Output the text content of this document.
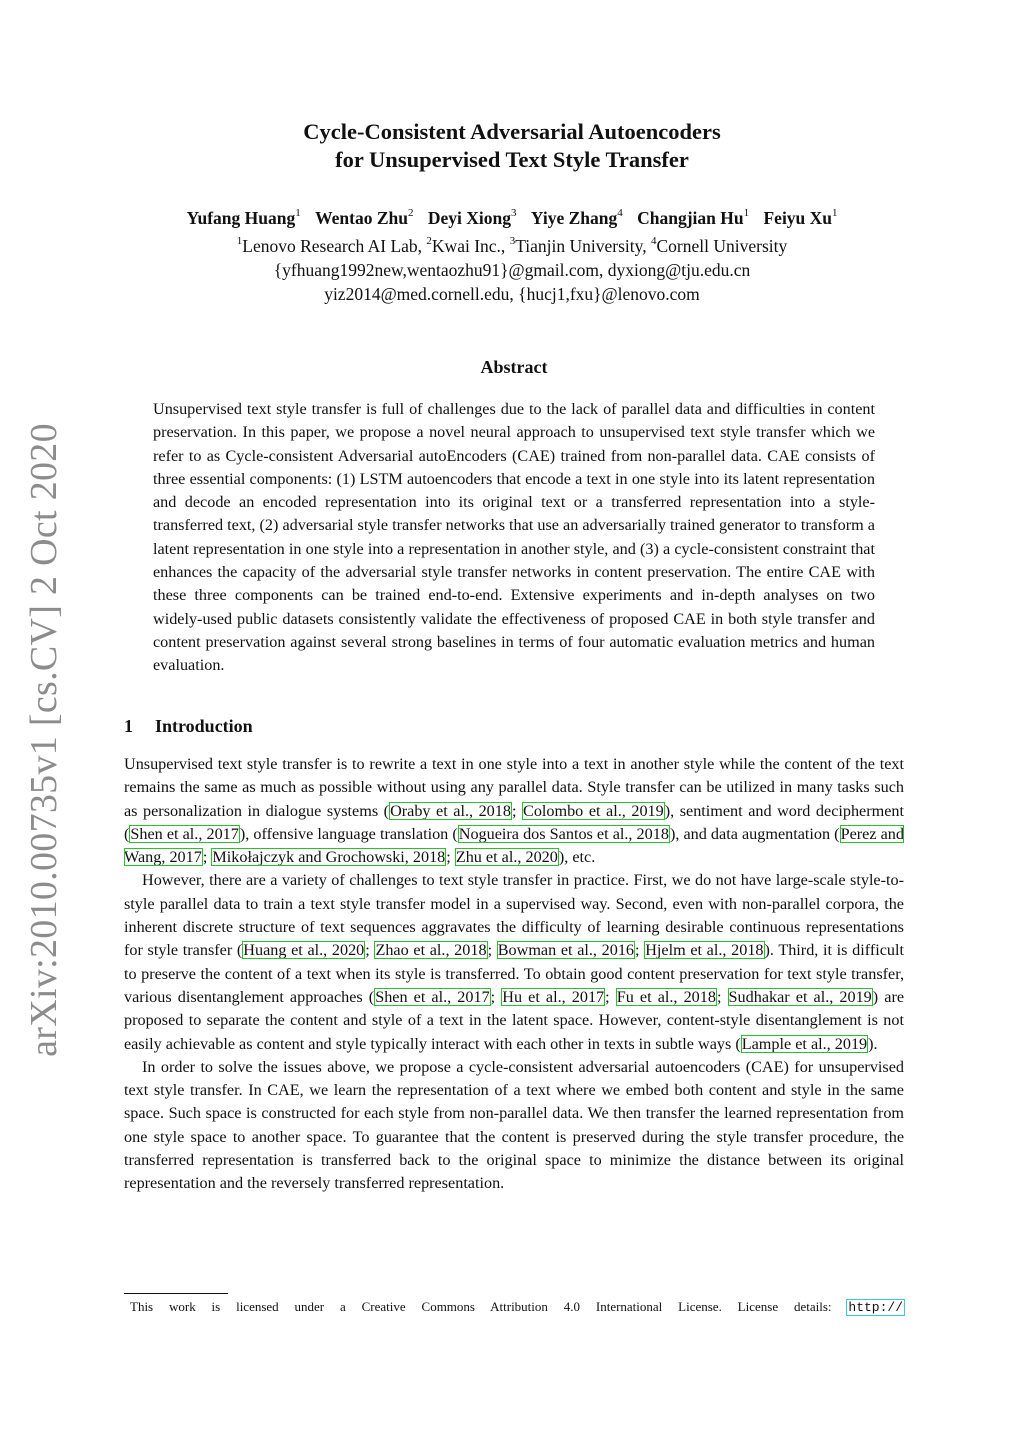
arXiv:2010.00735v1 [cs.CV] 2 Oct 2020
Cycle-Consistent Adversarial Autoencoders
for Unsupervised Text Style Transfer
Yufang Huang$^1$ Wentao Zhu$^2$ Deyi Xiong$^3$ Yiye Zhang$^4$ Changjian Hu$^1$ Feiyu Xu$^1$
$^1$Lenovo Research AI Lab, $^2$Kwai Inc., $^3$Tianjin University, $^4$Cornell University
{yfhuang1992new,wentaozhu91}@gmail.com, dyxiong@tju.edu.cn
yiz2014@med.cornell.edu, {hucj1,fxu}@lenovo.com
Abstract
Unsupervised text style transfer is full of challenges due to the lack of parallel data and difficulties in content preservation. In this paper, we propose a novel neural approach to unsupervised text style transfer which we refer to as Cycle-consistent Adversarial autoEncoders (CAE) trained from non-parallel data. CAE consists of three essential components: (1) LSTM autoencoders that encode a text in one style into its latent representation and decode an encoded representation into its original text or a transferred representation into a style-transferred text, (2) adversarial style transfer networks that use an adversarially trained generator to transform a latent representation in one style into a representation in another style, and (3) a cycle-consistent constraint that enhances the capacity of the adversarial style transfer networks in content preservation. The entire CAE with these three components can be trained end-to-end. Extensive experiments and in-depth analyses on two widely-used public datasets consistently validate the effectiveness of proposed CAE in both style transfer and content preservation against several strong baselines in terms of four automatic evaluation metrics and human evaluation.
1 Introduction

Unsupervised text style transfer is to rewrite a text in one style into a text in another style while the content of the text remains the same as much as possible without using any parallel data. Style transfer can be utilized in many tasks such as personalization in dialogue systems (Oraby et al., 2018; Colombo et al., 2019), sentiment and word decipherment (Shen et al., 2017), offensive language translation (Nogueira dos Santos et al., 2018), and data augmentation (Perez and Wang, 2017; Mikołajczyk and Grochowski, 2018; Zhu et al., 2020), etc.

However, there are a variety of challenges to text style transfer in practice. First, we do not have large-scale style-to-style parallel data to train a text style transfer model in a supervised way. Second, even with non-parallel corpora, the inherent discrete structure of text sequences aggravates the difficulty of learning desirable continuous representations for style transfer (Huang et al., 2020; Zhao et al., 2018; Bowman et al., 2016; Hjelm et al., 2018). Third, it is difficult to preserve the content of a text when its style is transferred. To obtain good content preservation for text style transfer, various disentanglement approaches (Shen et al., 2017; Hu et al., 2017; Fu et al., 2018; Sudhakar et al., 2019) are proposed to separate the content and style of a text in the latent space. However, content-style disentanglement is not easily achievable as content and style typically interact with each other in texts in subtle ways (Lample et al., 2019).

In order to solve the issues above, we propose a cycle-consistent adversarial autoencoders (CAE) for unsupervised text style transfer. In CAE, we learn the representation of a text where we embed both content and style in the same space. Such space is constructed for each style from non-parallel data. We then transfer the learned representation from one style space to another space. To guarantee that the content is preserved during the style transfer procedure, the transferred representation is transferred back to the original space to minimize the distance between its original representation and the reversely transferred representation.

This work is licensed under a Creative Commons Attribution 4.0 International License. License details: http://
